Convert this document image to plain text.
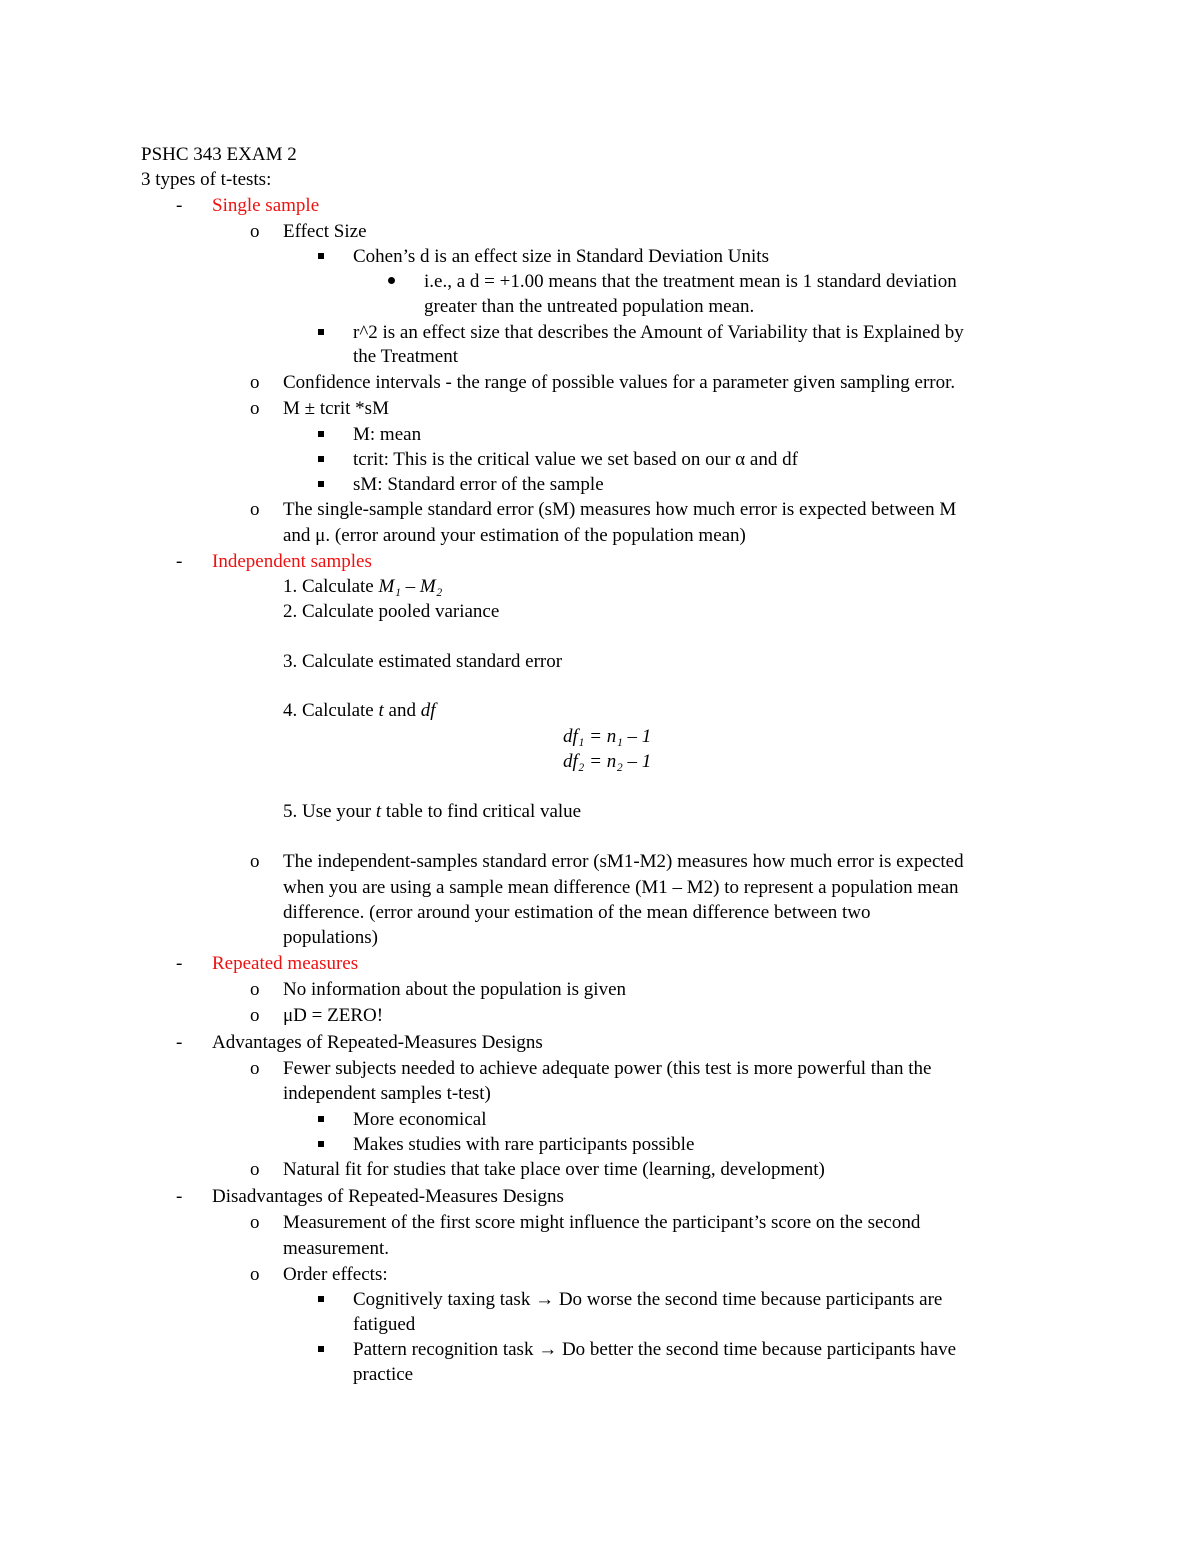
PSHC 343 EXAM 2
3 types of t-tests:
- Single sample
o Effect Size
Cohen’s d is an effect size in Standard Deviation Units
i.e., a d = +1.00 means that the treatment mean is 1 standard deviation
greater than the untreated population mean.
r^2 is an effect size that describes the Amount of Variability that is Explained by
the Treatment
o Confidence intervals - the range of possible values for a parameter given sampling error.
o M ± tcrit *sM
M: mean
tcrit: This is the critical value we set based on our α and df
sM: Standard error of the sample
o The single-sample standard error (sM) measures how much error is expected between M
and μ. (error around your estimation of the population mean)
- Independent samples
1. Calculate M₁ – M₂
2. Calculate pooled variance
3. Calculate estimated standard error
4. Calculate t and df
df₁ = n₁ – 1
df₂ = n₂ – 1
5. Use your t table to find critical value
o The independent-samples standard error (sM1-M2) measures how much error is expected
when you are using a sample mean difference (M1 – M2) to represent a population mean
difference. (error around your estimation of the mean difference between two
populations)
- Repeated measures
o No information about the population is given
o μD = ZERO!
- Advantages of Repeated-Measures Designs
o Fewer subjects needed to achieve adequate power (this test is more powerful than the
independent samples t-test)
More economical
Makes studies with rare participants possible
o Natural fit for studies that take place over time (learning, development)
- Disadvantages of Repeated-Measures Designs
o Measurement of the first score might influence the participant’s score on the second
measurement.
o Order effects:
Cognitively taxing task → Do worse the second time because participants are
fatigued
Pattern recognition task → Do better the second time because participants have
practice
